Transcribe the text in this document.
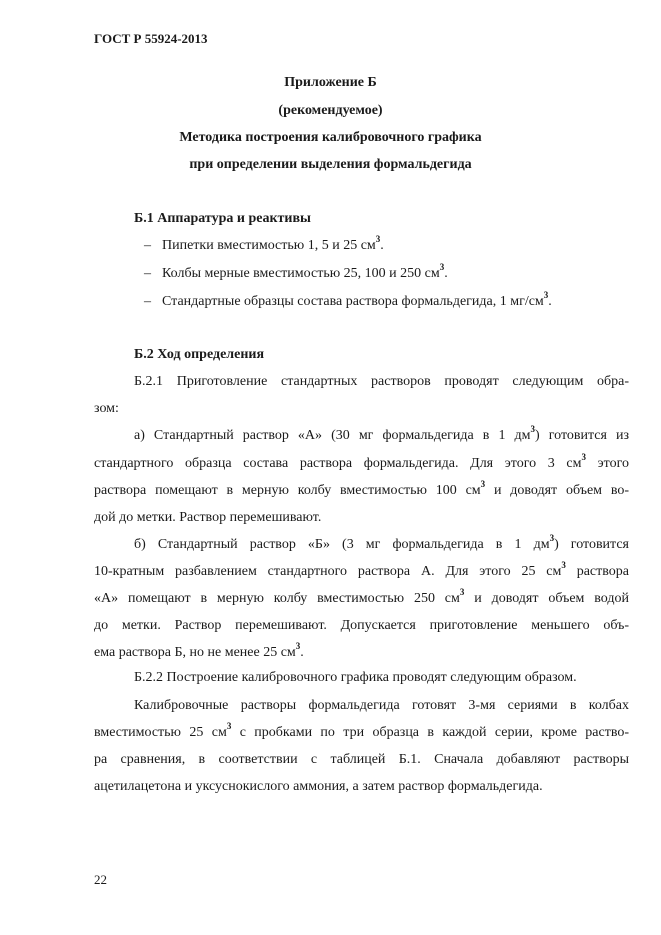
ГОСТ Р 55924-2013
Приложение Б
(рекомендуемое)
Методика построения калибровочного графика
при определении выделения формальдегида
Б.1 Аппаратура и реактивы
– Пипетки вместимостью 1, 5 и 25 $см^3$.
– Колбы мерные вместимостью 25, 100 и 250 $см^3$.
– Стандартные образцы состава раствора формальдегида, 1 $мг/см^3$.
Б.2 Ход определения
Б.2.1 Приготовление стандартных растворов проводят следующим обра-
зом:
а) Стандартный раствор «А» (30 мг формальдегида в 1 $дм^3$) готовится из
стандартного образца состава раствора формальдегида. Для этого 3 $см^3$ этого
раствора помещают в мерную колбу вместимостью 100 $см^3$ и доводят объем во-
дой до метки. Раствор перемешивают.
б) Стандартный раствор «Б» (3 мг формальдегида в 1 $дм^3$) готовится
10-кратным разбавлением стандартного раствора А. Для этого 25 $см^3$ раствора
«А» помещают в мерную колбу вместимостью 250 $см^3$ и доводят объем водой
до метки. Раствор перемешивают. Допускается приготовление меньшего объ-
ема раствора Б, но не менее 25 $см^3$.
Б.2.2 Построение калибровочного графика проводят следующим образом.
Калибровочные растворы формальдегида готовят 3-мя сериями в колбах
вместимостью 25 $см^3$ с пробками по три образца в каждой серии, кроме раство-
ра сравнения, в соответствии с таблицей Б.1. Сначала добавляют растворы
ацетилацетона и уксуснокислого аммония, а затем раствор формальдегида.
22
